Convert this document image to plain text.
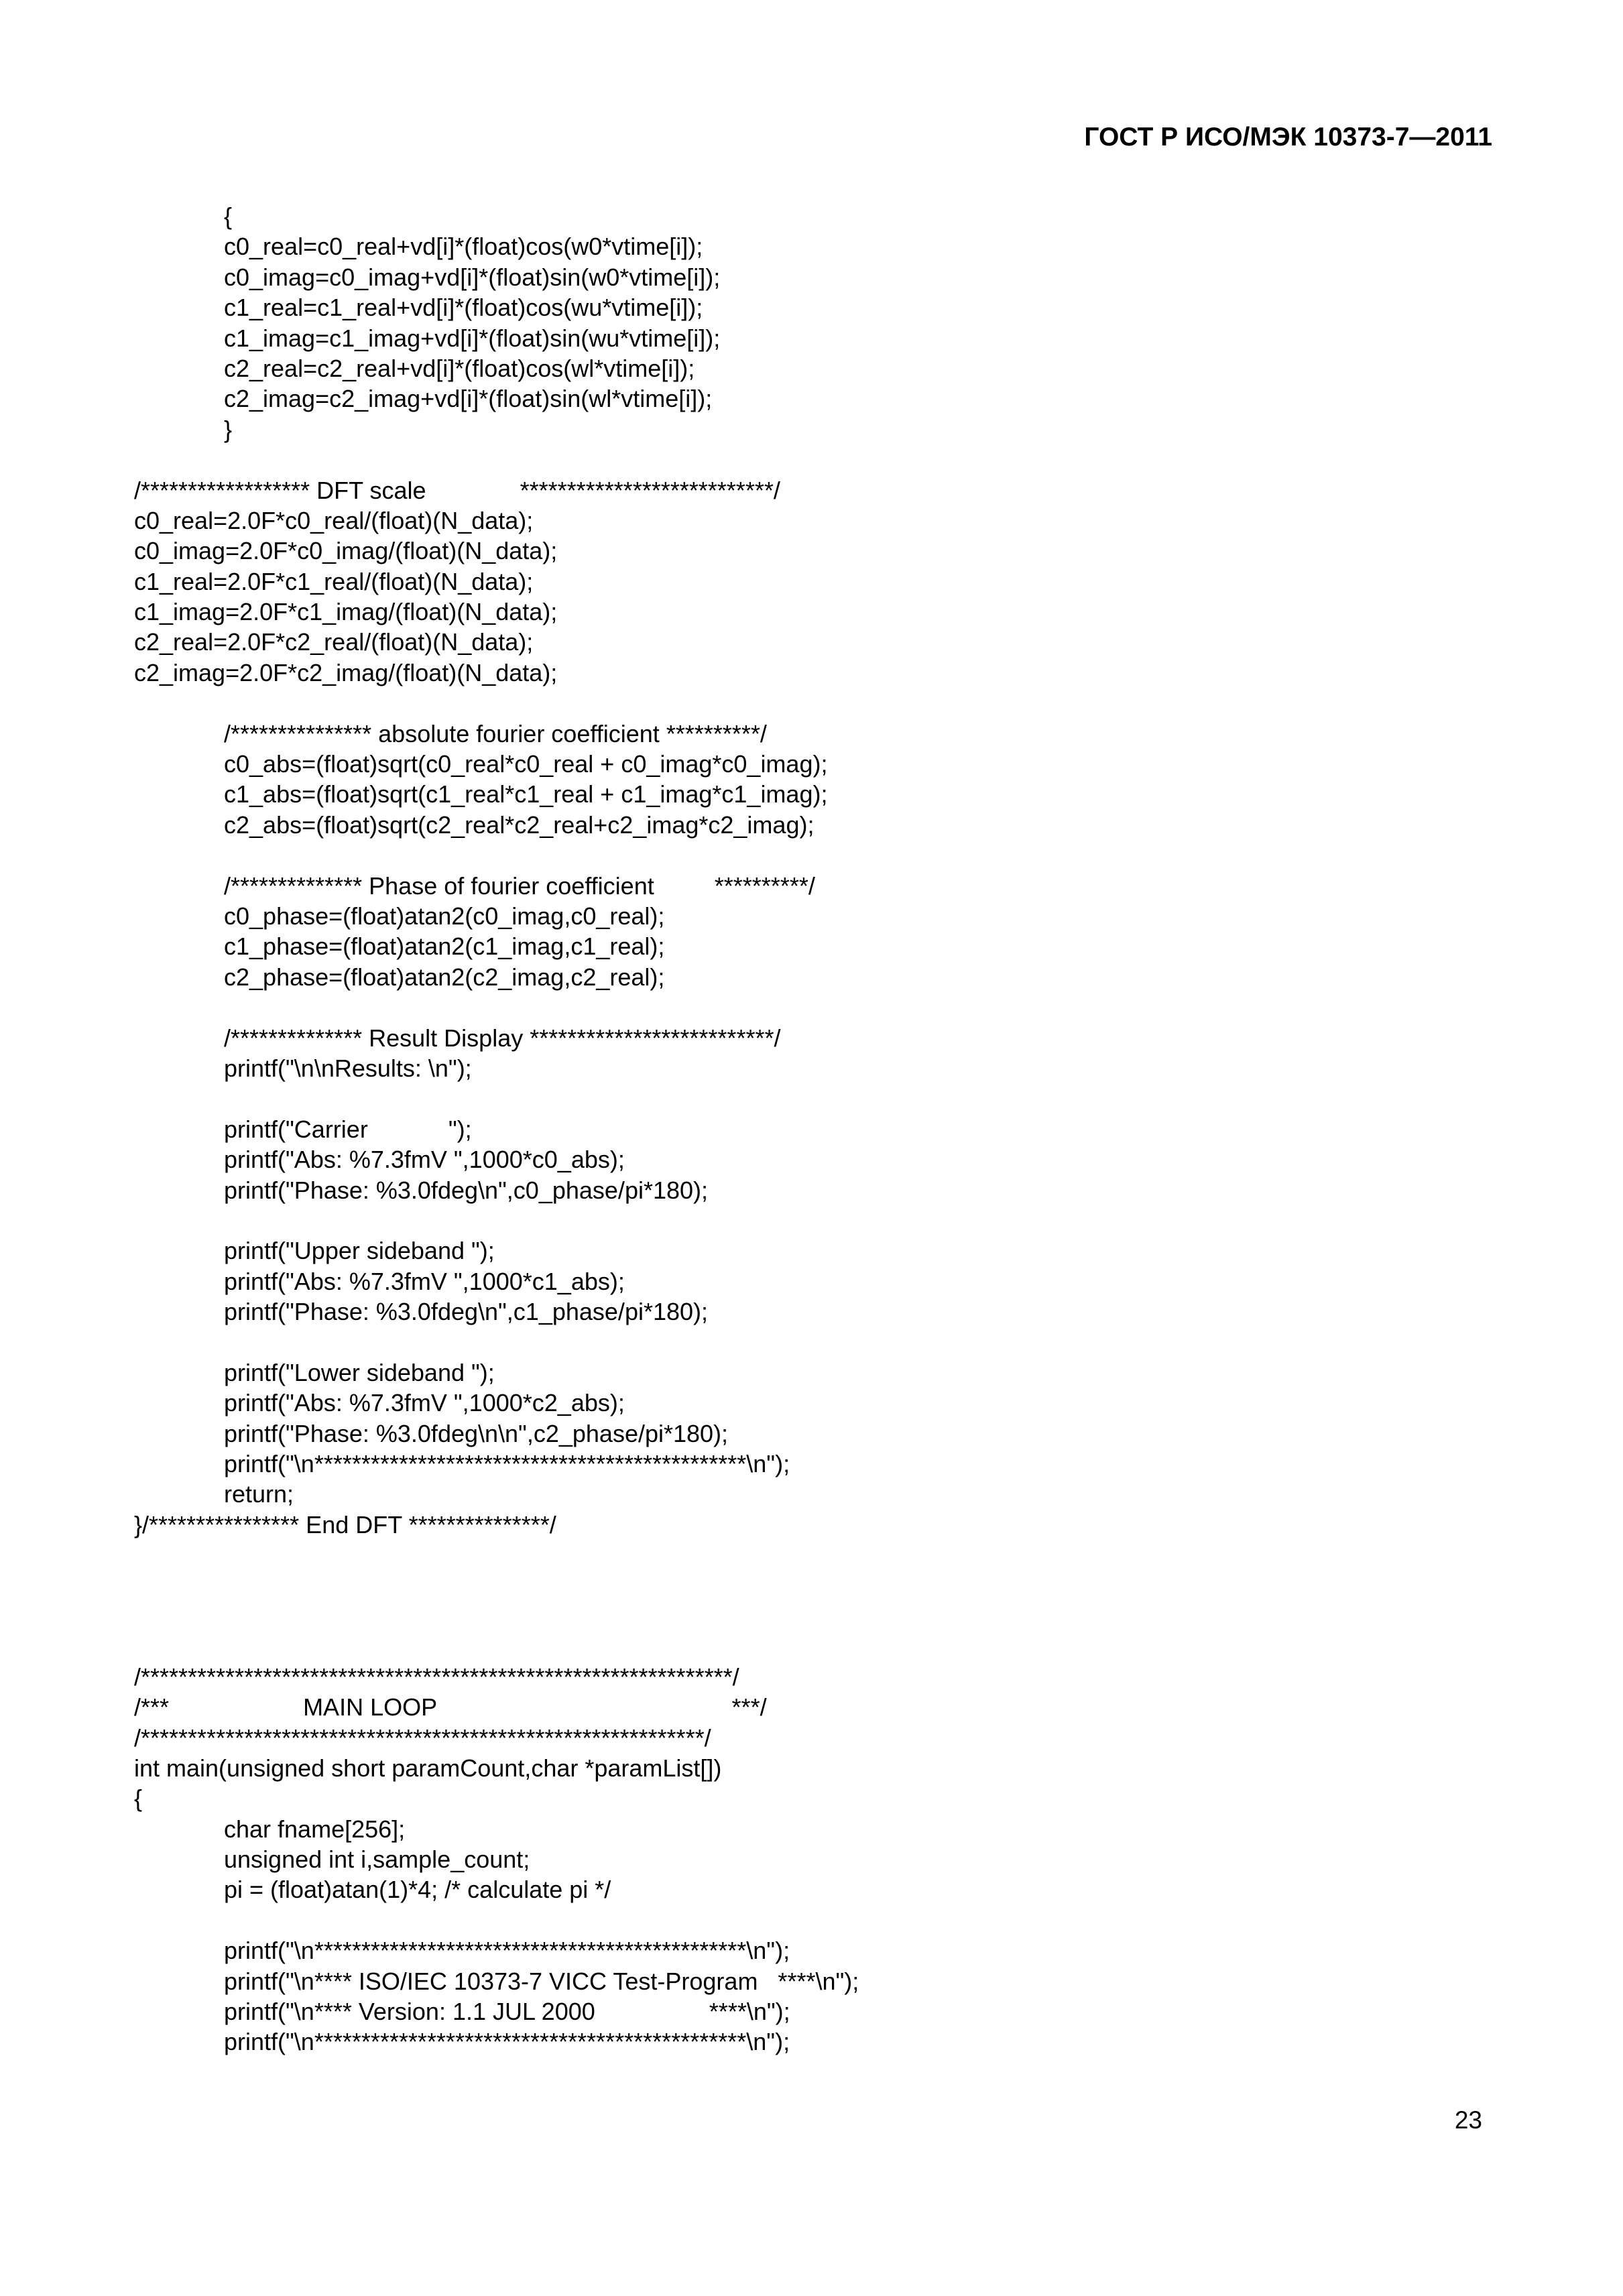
ГОСТ Р ИСО/МЭК 10373-7—2011
{
c0_real=c0_real+vd[i]*(float)cos(w0*vtime[i]);
c0_imag=c0_imag+vd[i]*(float)sin(w0*vtime[i]);
c1_real=c1_real+vd[i]*(float)cos(wu*vtime[i]);
c1_imag=c1_imag+vd[i]*(float)sin(wu*vtime[i]);
c2_real=c2_real+vd[i]*(float)cos(wl*vtime[i]);
c2_imag=c2_imag+vd[i]*(float)sin(wl*vtime[i]);
}
/****************** DFT scale              ***************************/
c0_real=2.0F*c0_real/(float)(N_data);
c0_imag=2.0F*c0_imag/(float)(N_data);
c1_real=2.0F*c1_real/(float)(N_data);
c1_imag=2.0F*c1_imag/(float)(N_data);
c2_real=2.0F*c2_real/(float)(N_data);
c2_imag=2.0F*c2_imag/(float)(N_data);
/*************** absolute fourier coefficient **********/
c0_abs=(float)sqrt(c0_real*c0_real + c0_imag*c0_imag);
c1_abs=(float)sqrt(c1_real*c1_real + c1_imag*c1_imag);
c2_abs=(float)sqrt(c2_real*c2_real+c2_imag*c2_imag);
/************** Phase of fourier coefficient         **********/
c0_phase=(float)atan2(c0_imag,c0_real);
c1_phase=(float)atan2(c1_imag,c1_real);
c2_phase=(float)atan2(c2_imag,c2_real);
/************** Result Display **************************/
printf("\n\nResults: \n");
printf("Carrier            ");
printf("Abs: %7.3fmV ",1000*c0_abs);
printf("Phase: %3.0fdeg\n",c0_phase/pi*180);
printf("Upper sideband ");
printf("Abs: %7.3fmV ",1000*c1_abs);
printf("Phase: %3.0fdeg\n",c1_phase/pi*180);
printf("Lower sideband ");
printf("Abs: %7.3fmV ",1000*c2_abs);
printf("Phase: %3.0fdeg\n\n",c2_phase/pi*180);
printf("\n**********************************************\n");
return;
}/**************** End DFT ***************/
/***************************************************************/
/***                    MAIN LOOP                                            ***/
/************************************************************/
int main(unsigned short paramCount,char *paramList[])
{
char fname[256];
unsigned int i,sample_count;
pi = (float)atan(1)*4; /* calculate pi */
printf("\n**********************************************\n");
printf("\n**** ISO/IEC 10373-7 VICC Test-Program   ****\n");
printf("\n**** Version: 1.1 JUL 2000                 ****\n");
printf("\n**********************************************\n");
23
